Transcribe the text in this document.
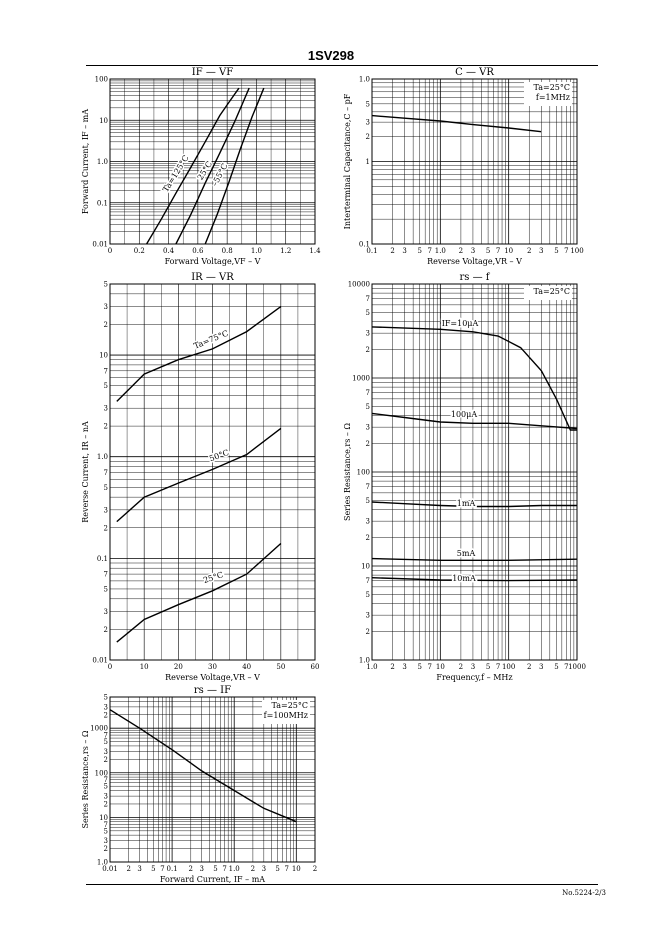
1SV298
No.5224-2/3
0	0.2	0.4	0.6	0.8	1.0	1.2	1.4
0.01
0.1
1.0
10
100
IF — VF
Forward Voltage,VF – V
Forward Current, IF – mA	Ta=125°C 25°C
–55°C
0.1 2 3 5 7 1.0 2 3 5 7 10 2 3 5 7 100
0.1
1
2
3
5
1.0
C — VR
Reverse Voltage,VR – V
Interterminal Capacitance,C – pF
Ta=25°C
f=1MHz
0	10	20	30	40	50	60
0.01
2
3
5
7
0.1
2
3
5
7
1.0
2
3
5
7
10
2
3
5
IR — VR
Reverse Voltage,VR – V
Reverse Current, IR – nA
Ta=75°C
50°C
25°C
1.0 2 3 5 7 10 2 3 5 7 100 2 3 5 7 1000
1.0
2
3
5
7
10
2
3
5
7
100
2
3
5
7
1000
2
3
5
7
10000
rs — f
Frequency,f – MHz
Series Resistance,rs – Ω
IF=10μA
100μA
1mA
5mA
10mA
Ta=25°C
0.01 2 3 5 7 0.1 2 3 5 7 1.0 2 3 5 7 10 2
1.0
2
3
5
7
10
2
3
5
7
100
2
3
5
7
1000
2
3
5
rs — IF
Forward Current, IF – mA
Series Resistance,rs – Ω
Ta=25°C
f=100MHz
